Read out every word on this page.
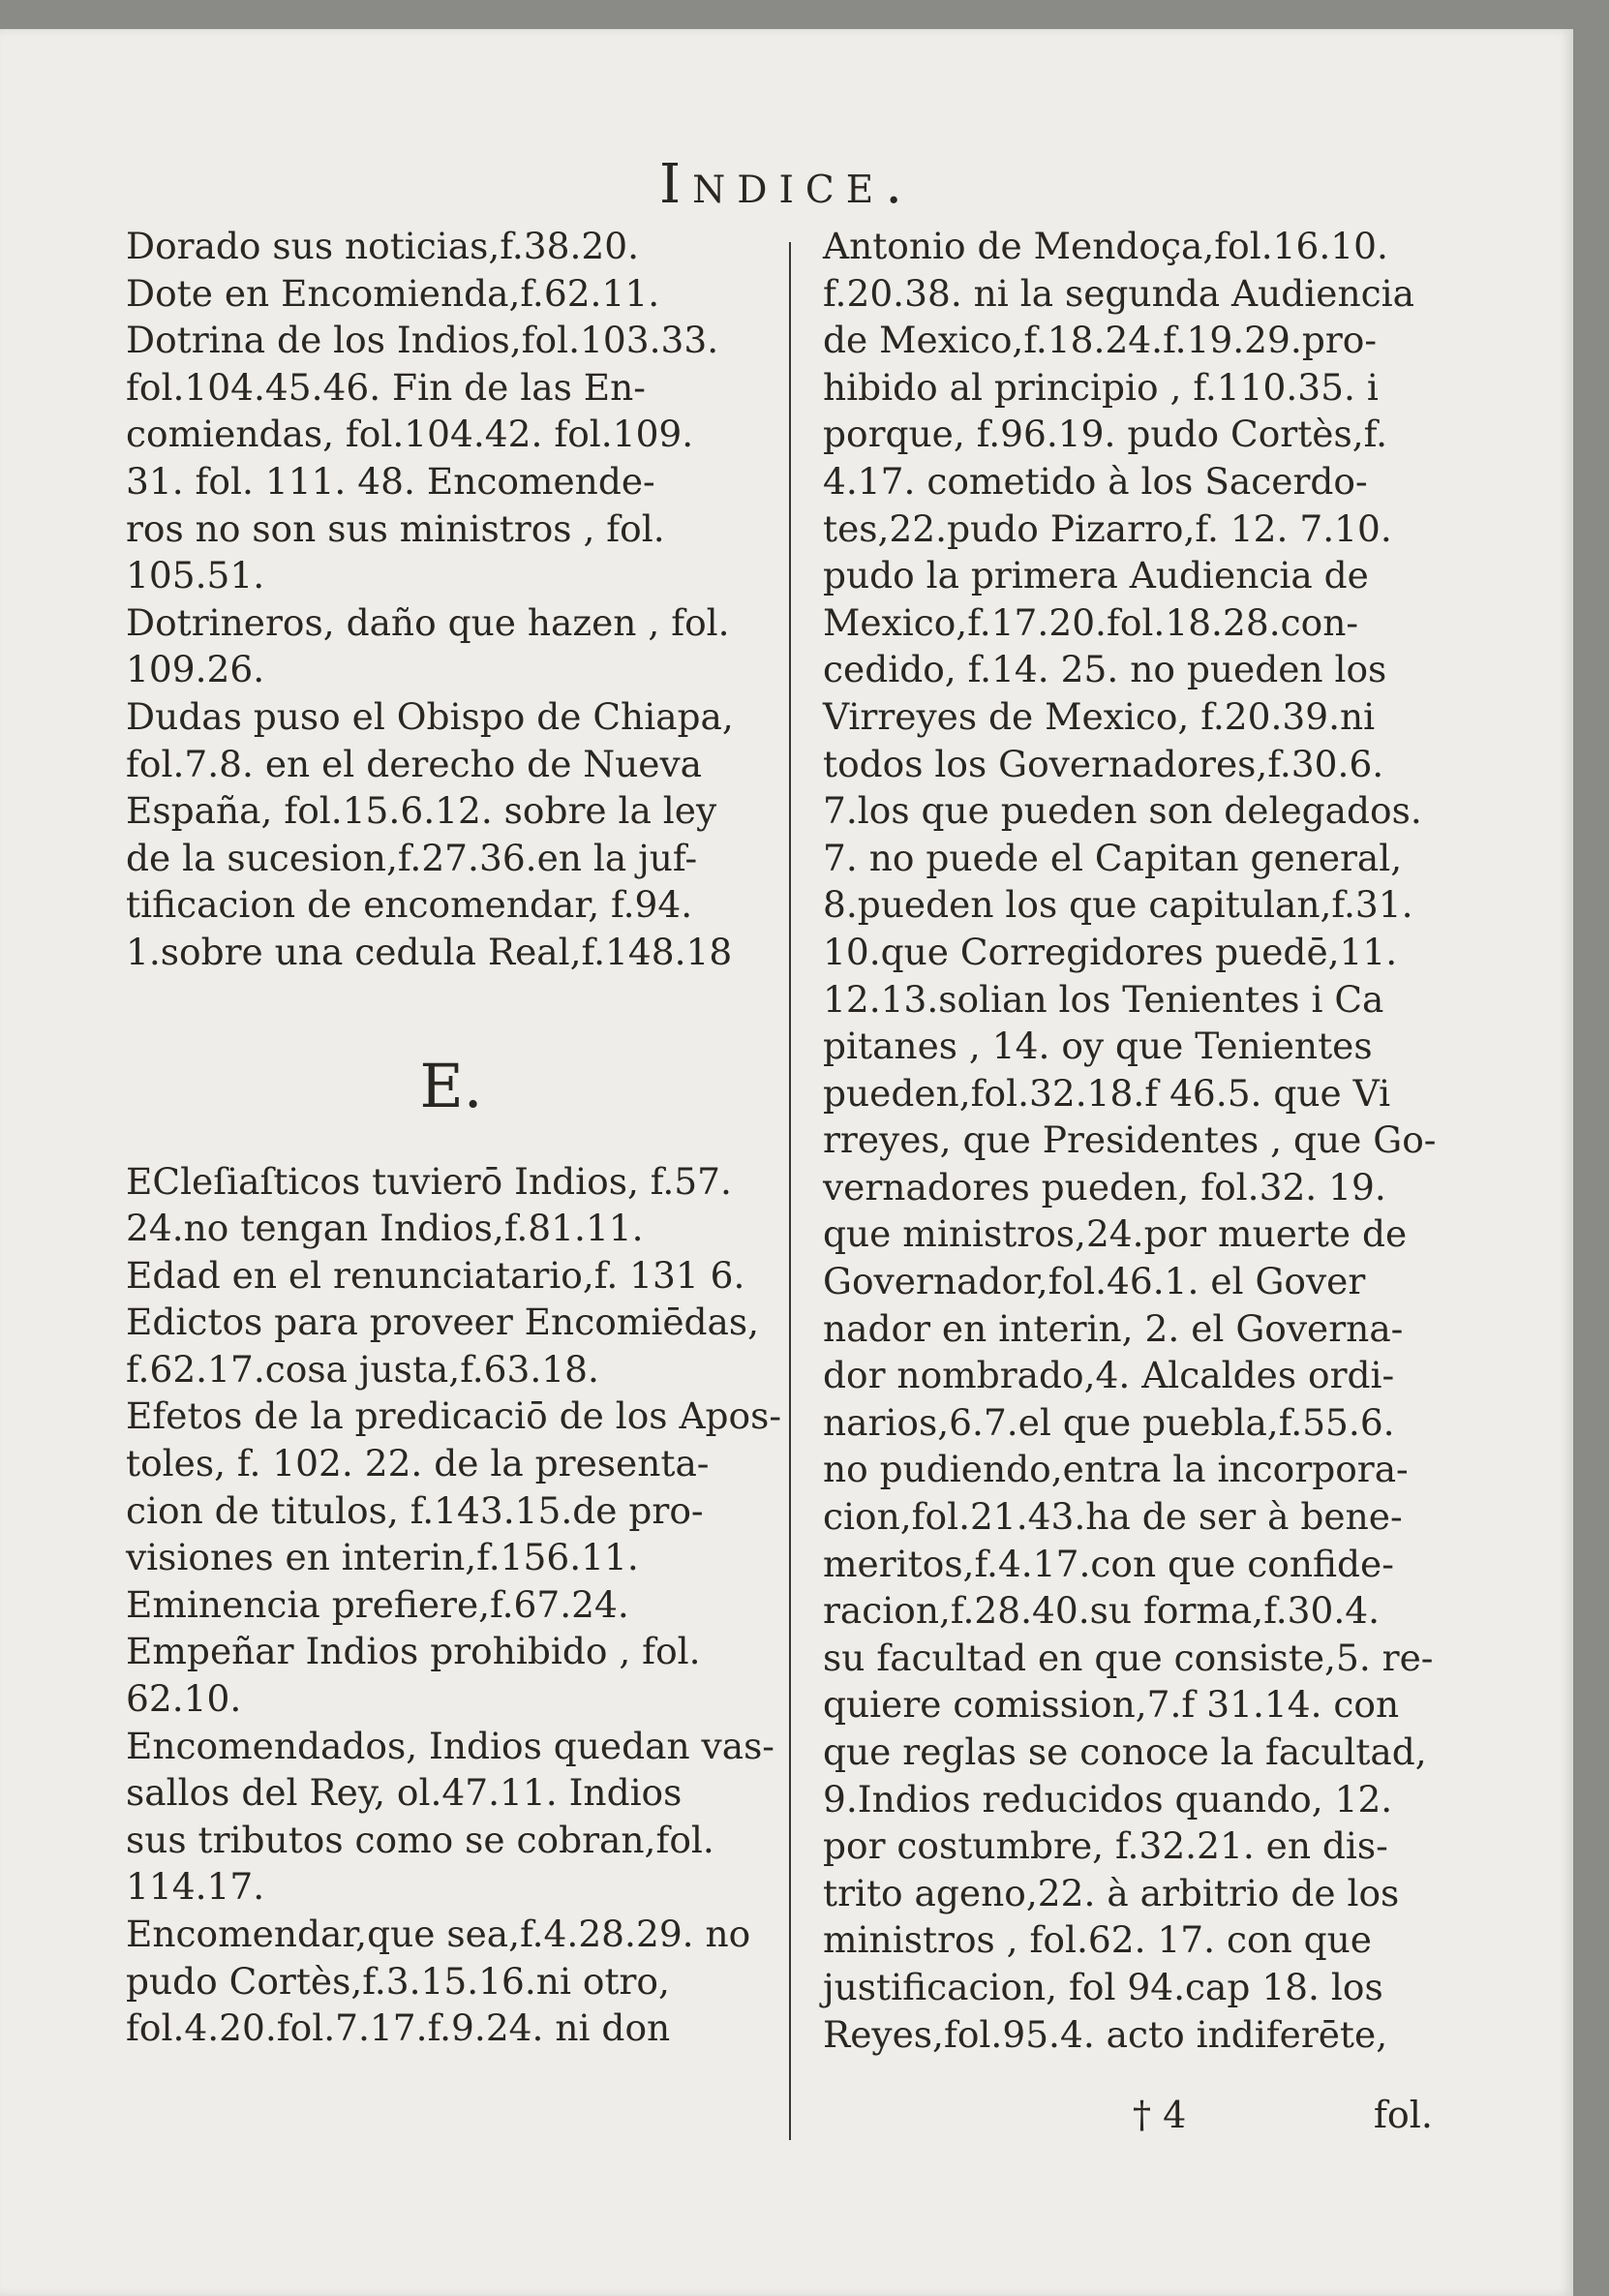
Indice.
Dorado sus noticias,f.38.20.
Dote en Encomienda,f.62.11.
Dotrina de los Indios,fol.103.33.
fol.104.45.46. Fin de las En-
comiendas, fol.104.42. fol.109.
31. fol. 111. 48. Encomende-
ros no son sus ministros , fol.
105.51.
Dotrineros, daño que hazen , fol.
109.26.
Dudas puso el Obispo de Chiapa,
fol.7.8. en el derecho de Nueva
España, fol.15.6.12. sobre la ley
de la sucesion,f.27.36.en la juf-
tificacion de encomendar, f.94.
1.sobre una cedula Real,f.148.18
E.
ECleſiaſticos tuvierō Indios, f.57.
24.no tengan Indios,f.81.11.
Edad en el renunciatario,f. 131 6.
Edictos para proveer Encomiēdas,
f.62.17.cosa justa,f.63.18.
Efetos de la predicaciō de los Apos-
toles, f. 102. 22. de la presenta-
cion de titulos, f.143.15.de pro-
visiones en interin,f.156.11.
Eminencia prefiere,f.67.24.
Empeñar Indios prohibido , fol.
62.10.
Encomendados, Indios quedan vas-
sallos del Rey, ol.47.11. Indios
sus tributos como se cobran,fol.
114.17.
Encomendar,que sea,f.4.28.29. no
pudo Cortès,f.3.15.16.ni otro,
fol.4.20.fol.7.17.f.9.24. ni don
Antonio de Mendoça,fol.16.10.
f.20.38. ni la segunda Audiencia
de Mexico,f.18.24.f.19.29.pro-
hibido al principio , f.110.35. i
porque, f.96.19. pudo Cortès,f.
4.17. cometido à los Sacerdo-
tes,22.pudo Pizarro,f. 12. 7.10.
pudo la primera Audiencia de
Mexico,f.17.20.fol.18.28.con-
cedido, f.14. 25. no pueden los
Virreyes de Mexico, f.20.39.ni
todos los Governadores,f.30.6.
7.los que pueden son delegados.
7. no puede el Capitan general,
8.pueden los que capitulan,f.31.
10.que Corregidores puedē,11.
12.13.solian los Tenientes i Ca
pitanes , 14. oy que Tenientes
pueden,fol.32.18.f 46.5. que Vi
rreyes, que Presidentes , que Go-
vernadores pueden, fol.32. 19.
que ministros,24.por muerte de
Governador,fol.46.1. el Gover
nador en interin, 2. el Governa-
dor nombrado,4. Alcaldes ordi-
narios,6.7.el que puebla,f.55.6.
no pudiendo,entra la incorpora-
cion,fol.21.43.ha de ser à bene-
meritos,f.4.17.con que confide-
racion,f.28.40.su forma,f.30.4.
su facultad en que consiste,5. re-
quiere comission,7.f 31.14. con
que reglas se conoce la facultad,
9.Indios reducidos quando, 12.
por costumbre, f.32.21. en dis-
trito ageno,22. à arbitrio de los
ministros , fol.62. 17. con que
justificacion, fol 94.cap 18. los
Reyes,fol.95.4. acto indiferēte,
† 4	fol.
